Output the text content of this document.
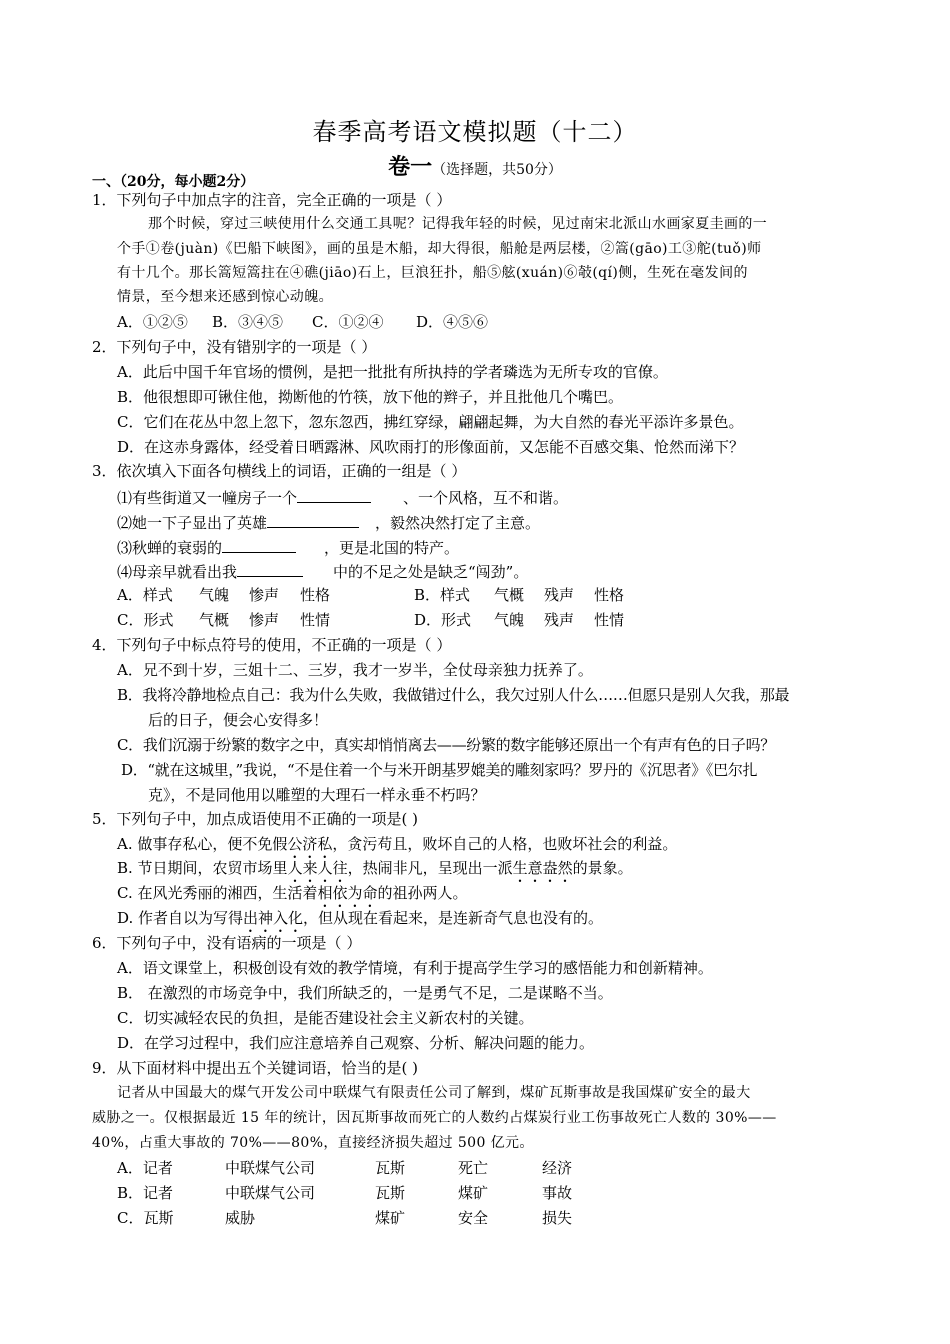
春季高考语文模拟题（十二）
卷一（选择题，共50分）
一、（20分，每小题2分）
1．下列句子中加点字的注音，完全正确的一项是（ ）
那个时候，穿过三峡使用什么交通工具呢？记得我年轻的时候，见过南宋北派山水画家夏圭画的一
个手①卷(juàn)《巴船下峡图》，画的虽是木船，却大得很，船舱是两层楼，②篙(gāo)工③舵(tuǒ)师
有十几个。那长篙短篙拄在④礁(jiāo)石上，巨浪狂扑，船⑤舷(xuán)⑥攲(qí)侧，生死在毫发间的
情景，至今想来还感到惊心动魄。
A．①②⑤ B．③④⑤ C．①②④ D．④⑤⑥
2．下列句子中，没有错别字的一项是（ ）
A．此后中国千年官场的惯例，是把一批批有所执持的学者璘选为无所专攻的官僚。
B．他很想即可锹住他，拗断他的竹筷，放下他的辫子，并且批他几个嘴巴。
C．它们在花丛中忽上忽下，忽东忽西，拂红穿绿，翩翩起舞，为大自然的春光平添许多景色。
D．在这赤身露体，经受着日晒露淋、风吹雨打的形像面前，又怎能不百感交集、怆然而涕下？
3．依次填入下面各句横线上的词语，正确的一组是（ ）
⑴有些街道又一幢房子一个	、一个风格，互不和谐。
⑵她一下子显出了英雄	，毅然决然打定了主意。
⑶秋蝉的衰弱的	，更是北国的特产。
⑷母亲早就看出我	中的不足之处是缺乏“闯劲”。
A．样式 气魄 惨声 性格	B．样式 气概 残声 性格
C．形式 气概 惨声 性情	D．形式 气魄 残声 性情
4．下列句子中标点符号的使用，不正确的一项是（ ）
A．兄不到十岁，三姐十二、三岁，我才一岁半，全仗母亲独力抚养了。
B．我将冷静地检点自己：我为什么失败，我做错过什么，我欠过别人什么……但愿只是别人欠我，那最
后的日子，便会心安得多！
C．我们沉溺于纷繁的数字之中，真实却悄悄离去——纷繁的数字能够还原出一个有声有色的日子吗？
D．“就在这城里，”我说，“不是住着一个与米开朗基罗媲美的雕刻家吗？罗丹的《沉思者》《巴尔扎
克》，不是同他用以雕塑的大理石一样永垂不朽吗？
5．下列句子中，加点成语使用不正确的一项是( )
A. 做事存私心，便不免假公济私，贪污苟且，败坏自己的人格，也败坏社会的利益。
B. 节日期间，农贸市场里人来人往，热闹非凡，呈现出一派生意盎然的景象。
C. 在风光秀丽的湘西，生活着相依为命的祖孙两人。
D. 作者自以为写得出神入化，但从现在看起来，是连新奇气息也没有的。
6．下列句子中，没有语病的一项是（ ）
A．语文课堂上，积极创设有效的教学情境，有利于提高学生学习的感悟能力和创新精神。
B． 在激烈的市场竞争中，我们所缺乏的，一是勇气不足，二是谋略不当。
C．切实减轻农民的负担，是能否建设社会主义新农村的关键。
D．在学习过程中，我们应注意培养自己观察、分析、解决问题的能力。
9．从下面材料中提出五个关键词语，恰当的是( )
记者从中国最大的煤气开发公司中联煤气有限责任公司了解到，煤矿瓦斯事故是我国煤矿安全的最大
威胁之一。仅根据最近 15 年的统计，因瓦斯事故而死亡的人数约占煤炭行业工伤事故死亡人数的 30%——
40%，占重大事故的 70%——80%，直接经济损失超过 500 亿元。
A．记者	中联煤气公司	瓦斯	死亡	经济
B．记者	中联煤气公司	瓦斯	煤矿	事故
C．瓦斯	威胁	煤矿	安全	损失
